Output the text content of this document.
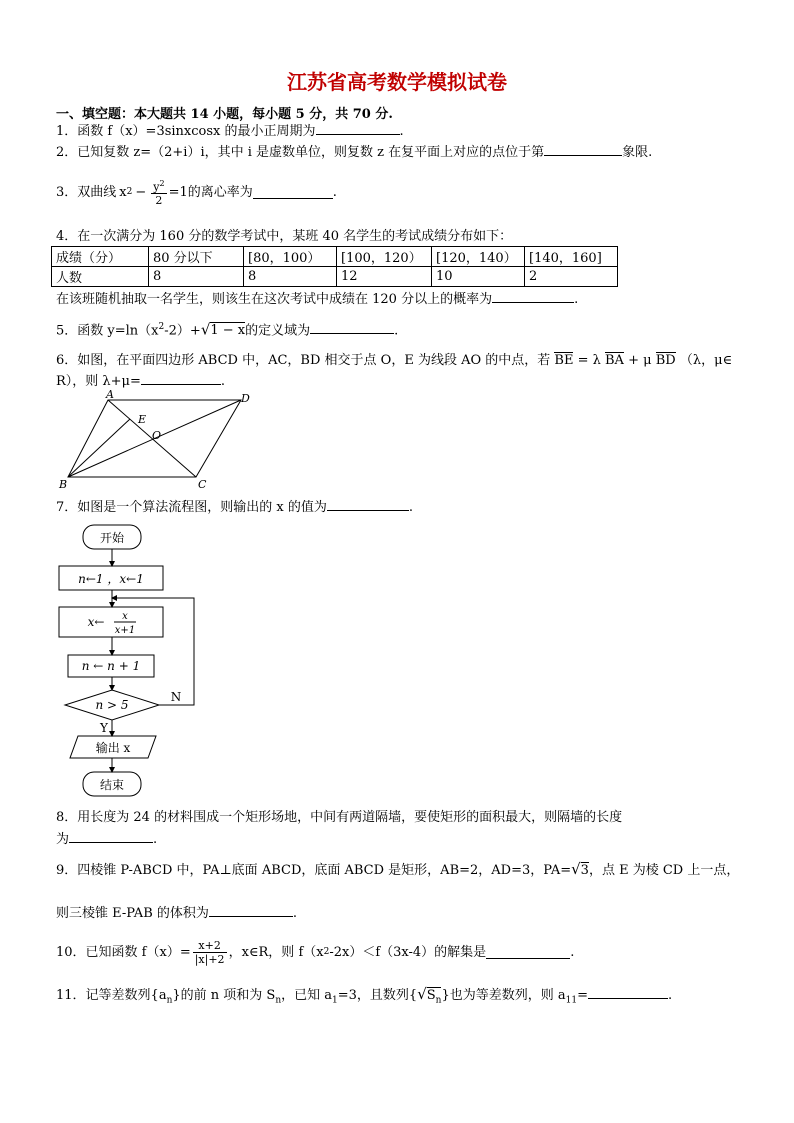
江苏省高考数学模拟试卷
一、填空题：本大题共 14 小题，每小题 5 分，共 70 分.
1．函数 f（x）=3sinxcosx 的最小正周期为	.
2．已知复数 z=（2+i）i，其中 i 是虚数单位，则复数 z 在复平面上对应的点位于第	象限.
3．双曲线 x $2 - \frac{y^2}{2} =1$ 的离心率为	.
4．在一次满分为 160 分的数学考试中，某班 40 名学生的考试成绩分布如下：
成绩（分）	80 分以下	[80，100）	[100，120）	[120，140）	[140，160]
人数	8	8	12	10	2
在该班随机抽取一名学生，则该生在这次考试中成绩在 120 分以上的概率为	.
5．函数 $y=\ln(x^2-2)+√1 - x$的定义域为	.
6．如图，在平面四边形 ABCD 中，AC，BD 相交于点 O，E 为线段 AO 的中点，若 BE = λ BA + μ BD （λ，μ∈
R），则 λ+μ=	.
A	D
E
O
B	C
7．如图是一个算法流程图，则输出的 x 的值为	.
开始
n←1 ，x←1
x← x
x+1
n ← n + 1
n > 5
N
Y
输出 x
结束
8．用长度为 24 的材料围成一个矩形场地，中间有两道隔墙，要使矩形的面积最大，则隔墙的长度
为	.
9．四棱锥 P-ABCD 中，PA⊥底面 ABCD，底面 ABCD 是矩形，AB=2，AD=3，PA=√3，点 E 为棱 CD 上一点，
则三棱锥 E-PAB 的体积为	.
10．已知函数 $f(x)= \frac{x+2}{|x|+2}$ ，x∈R，则 f（x 2 -2x）＜f（3x-4）的解集是	.
11．记等差数列$\{a_n\}$的前 n 项和为 $S_n$，已知 $a_1=3$，且数列$\{√S_n\}$也为等差数列，则 $a_{11}=$	.
